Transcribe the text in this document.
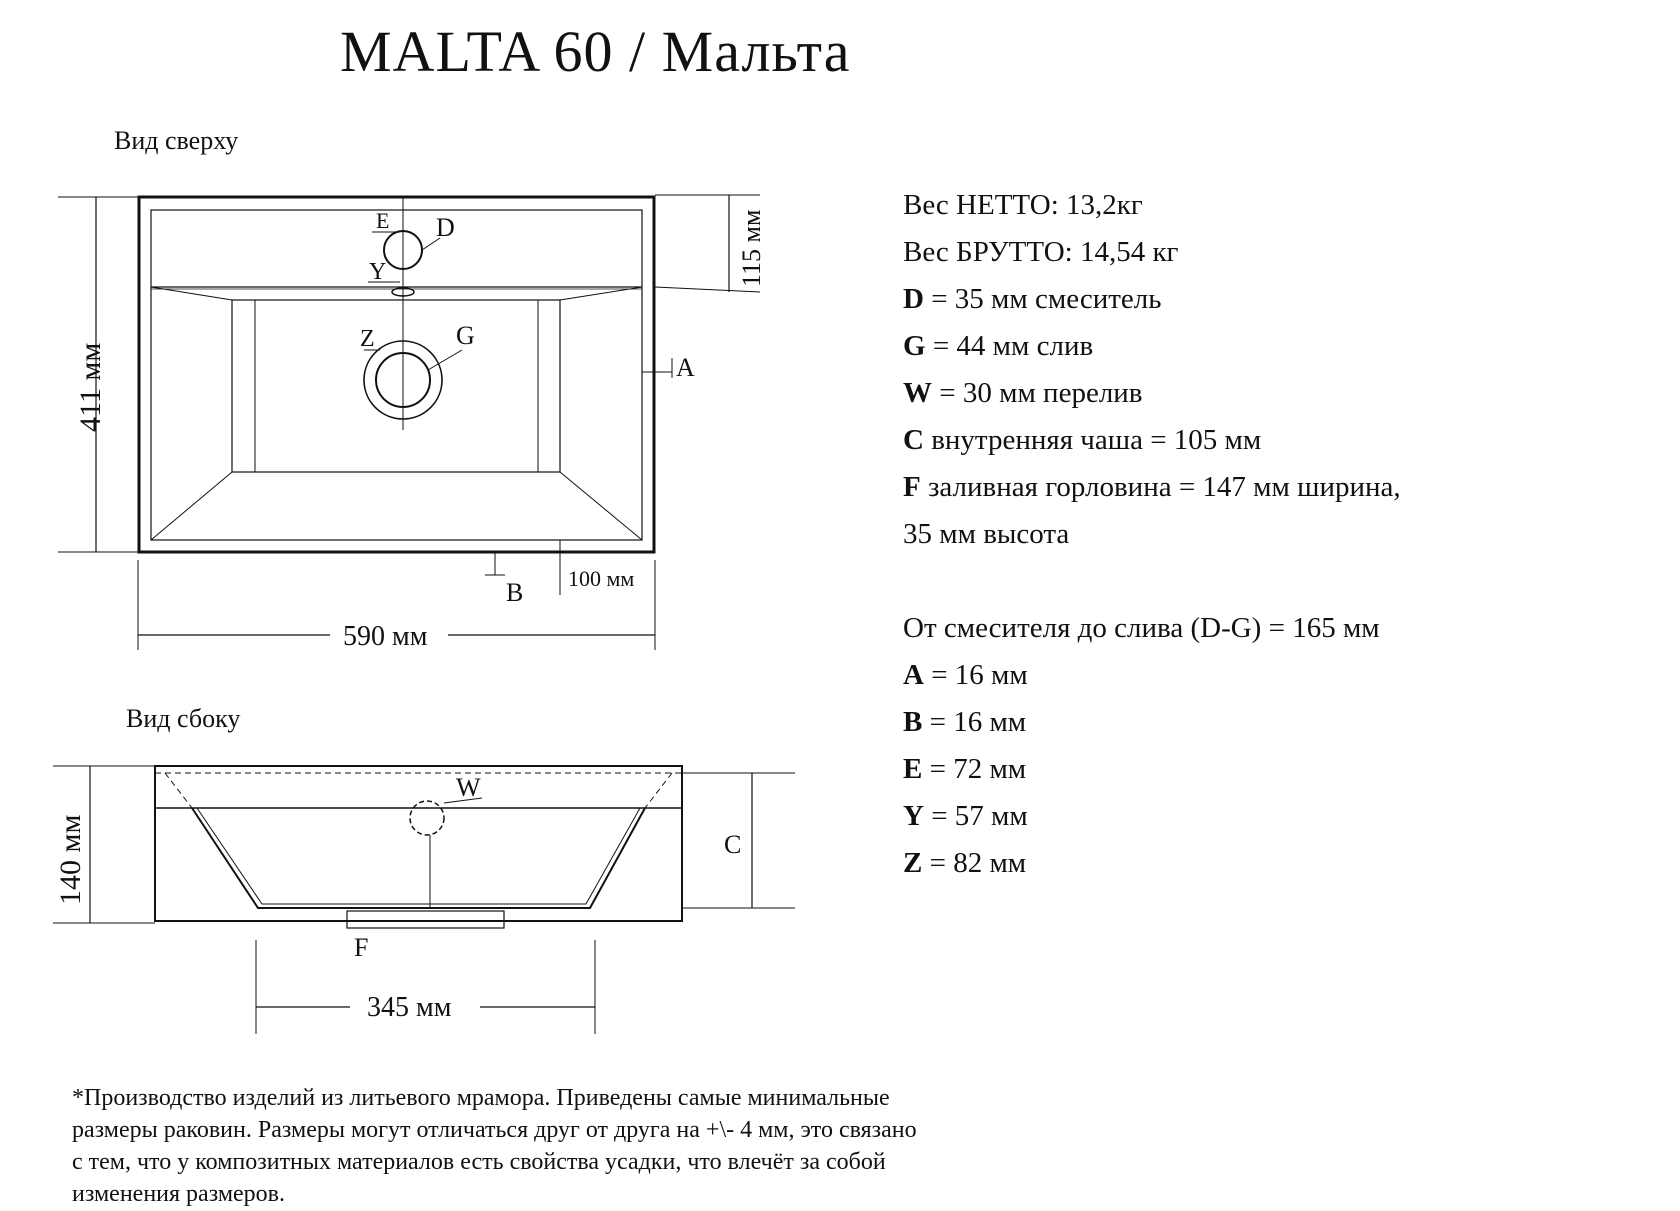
MALTA 60 / Мальта
Вид сверху
Вид сбоку
411 мм
115 мм
590 мм
100 мм
E D
Y
Z	G
A
B
140 мм
345 мм
W
C
F
Вес НЕТТО: 13,2кг
Вес БРУТТО: 14,54 кг
D = 35 мм смеситель
G = 44 мм слив
W = 30 мм перелив
C внутренняя чаша = 105 мм
F заливная горловина = 147 мм ширина,
35 мм высота
От смесителя до слива (D-G) = 165 мм
A = 16 мм
B = 16 мм
E = 72 мм
Y = 57 мм
Z = 82 мм
*Производство изделий из литьевого мрамора. Приведены самые минимальные размеры раковин. Размеры могут отличаться друг от друга на +\- 4 мм, это связано с тем, что у композитных материалов есть свойства усадки, что влечёт за собой изменения размеров.
